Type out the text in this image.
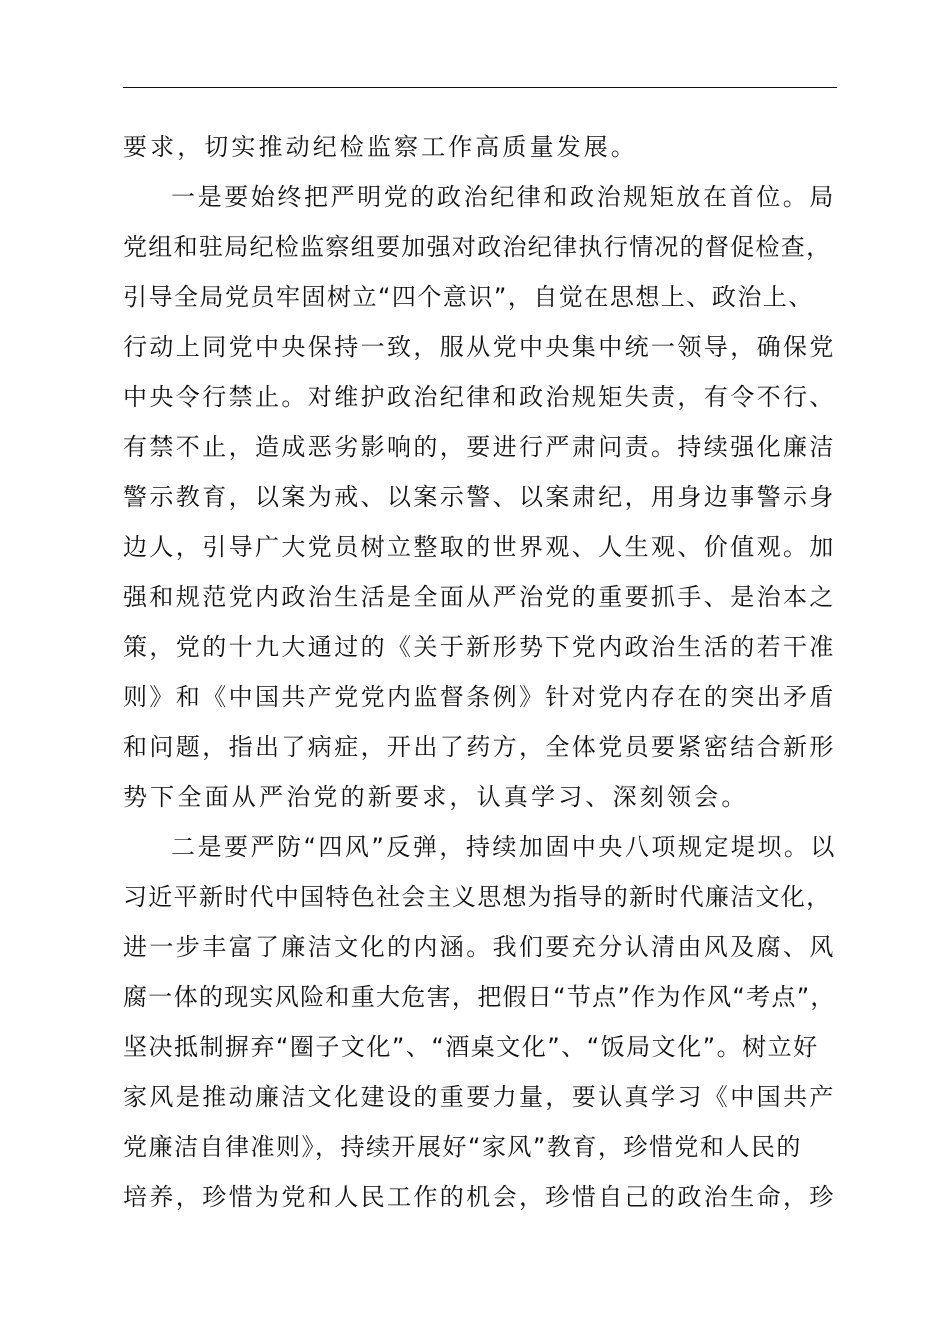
要求，切实推动纪检监察工作高质量发展。
一是要始终把严明党的政治纪律和政治规矩放在首位。局
党组和驻局纪检监察组要加强对政治纪律执行情况的督促检查，
引导全局党员牢固树立“四个意识”，自觉在思想上、政治上、
行动上同党中央保持一致，服从党中央集中统一领导，确保党
中央令行禁止。对维护政治纪律和政治规矩失责，有令不行、
有禁不止，造成恶劣影响的，要进行严肃问责。持续强化廉洁
警示教育，以案为戒、以案示警、以案肃纪，用身边事警示身
边人，引导广大党员树立整取的世界观、人生观、价值观。加
强和规范党内政治生活是全面从严治党的重要抓手、是治本之
策，党的十九大通过的《关于新形势下党内政治生活的若干准
则》和《中国共产党党内监督条例》针对党内存在的突出矛盾
和问题，指出了病症，开出了药方，全体党员要紧密结合新形
势下全面从严治党的新要求，认真学习、深刻领会。
二是要严防“四风”反弹，持续加固中央八项规定堤坝。以
习近平新时代中国特色社会主义思想为指导的新时代廉洁文化，
进一步丰富了廉洁文化的内涵。我们要充分认清由风及腐、风
腐一体的现实风险和重大危害，把假日“节点”作为作风“考点”，
坚决抵制摒弃“圈子文化”、“酒桌文化”、“饭局文化”。树立好
家风是推动廉洁文化建设的重要力量，要认真学习《中国共产
党廉洁自律准则》，持续开展好“家风”教育，珍惜党和人民的
培养，珍惜为党和人民工作的机会，珍惜自己的政治生命，珍
